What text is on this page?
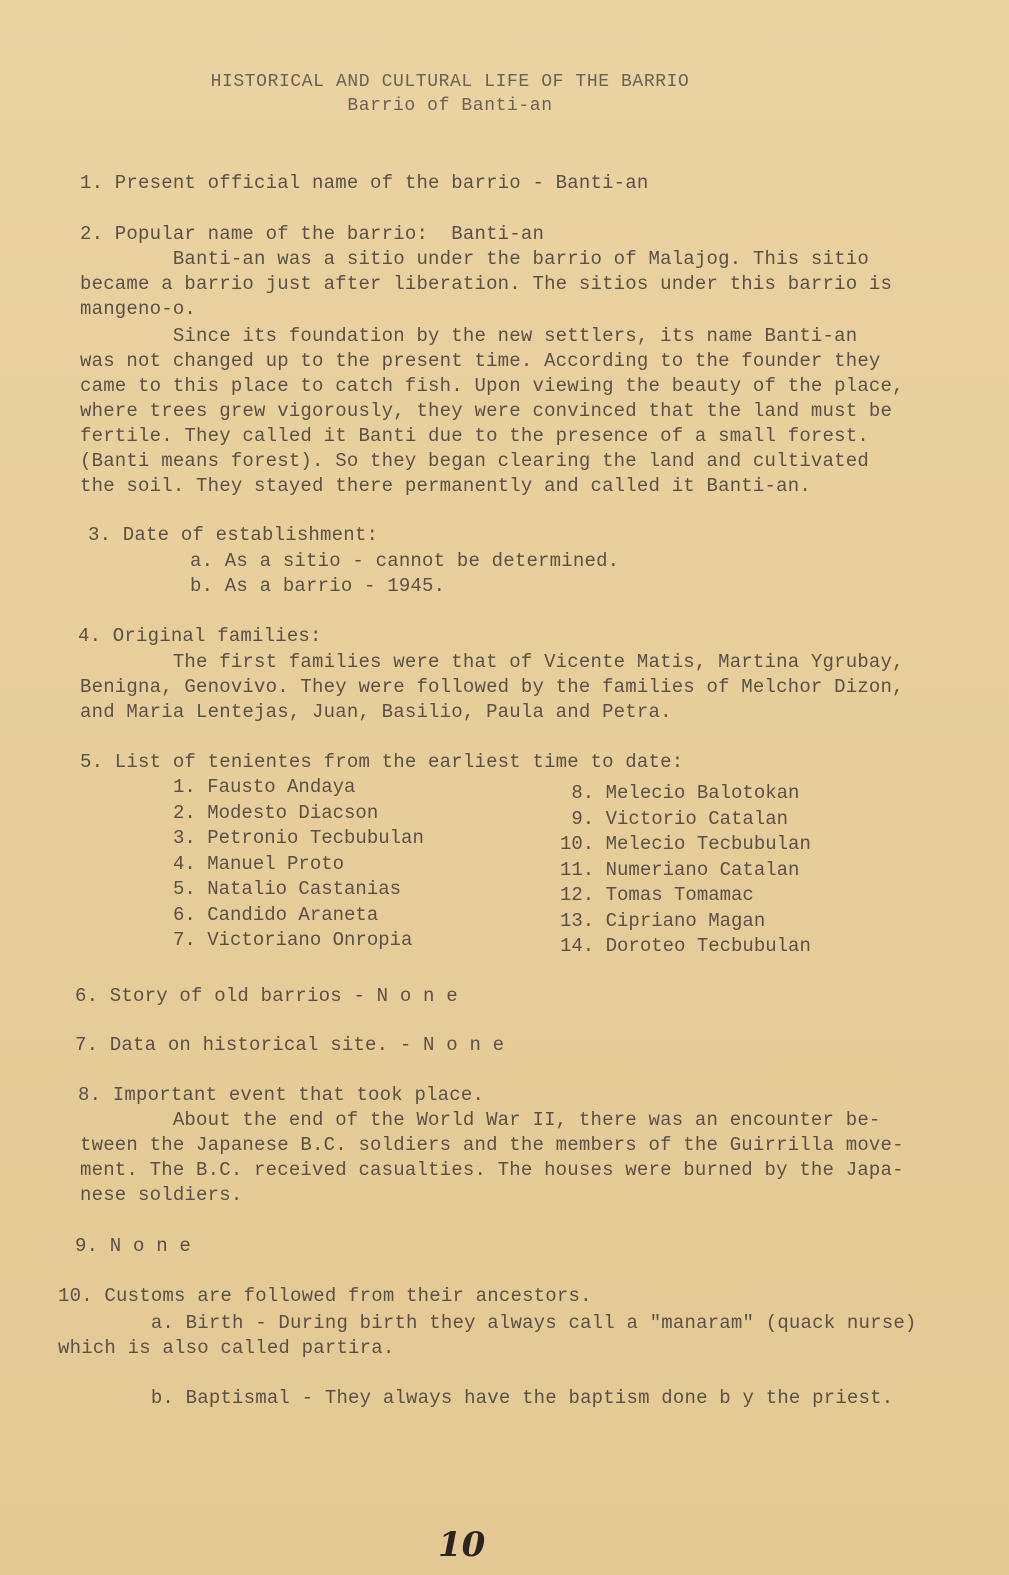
HISTORICAL AND CULTURAL LIFE OF THE BARRIO
Barrio of Banti-an
1. Present official name of the barrio - Banti-an
2. Popular name of the barrio:  Banti-an
Banti-an was a sitio under the barrio of Malajog. This sitio
became a barrio just after liberation. The sitios under this barrio is
mangeno-o.
Since its foundation by the new settlers, its name Banti-an
was not changed up to the present time. According to the founder they
came to this place to catch fish. Upon viewing the beauty of the place,
where trees grew vigorously, they were convinced that the land must be
fertile. They called it Banti due to the presence of a small forest.
(Banti means forest). So they began clearing the land and cultivated
the soil. They stayed there permanently and called it Banti-an.
3. Date of establishment:
a. As a sitio - cannot be determined.
b. As a barrio - 1945.
4. Original families:
The first families were that of Vicente Matis, Martina Ygrubay,
Benigna, Genovivo. They were followed by the families of Melchor Dizon,
and Maria Lentejas, Juan, Basilio, Paula and Petra.
5. List of tenientes from the earliest time to date:
1. Fausto Andaya
2. Modesto Diacson
3. Petronio Tecbubulan
4. Manuel Proto
5. Natalio Castanias
6. Candido Araneta
7. Victoriano Onropia
8. Melecio Balotokan
9. Victorio Catalan
10. Melecio Tecbubulan
11. Numeriano Catalan
12. Tomas Tomamac
13. Cipriano Magan
14. Doroteo Tecbubulan
6. Story of old barrios - N o n e
7. Data on historical site. - N o n e
8. Important event that took place.
About the end of the World War II, there was an encounter be-
tween the Japanese B.C. soldiers and the members of the Guirrilla move-
ment. The B.C. received casualties. The houses were burned by the Japa-
nese soldiers.
9. N o n e
10. Customs are followed from their ancestors.
a. Birth - During birth they always call a "manaram" (quack nurse)
which is also called partira.
b. Baptismal - They always have the baptism done b y the priest.
10
